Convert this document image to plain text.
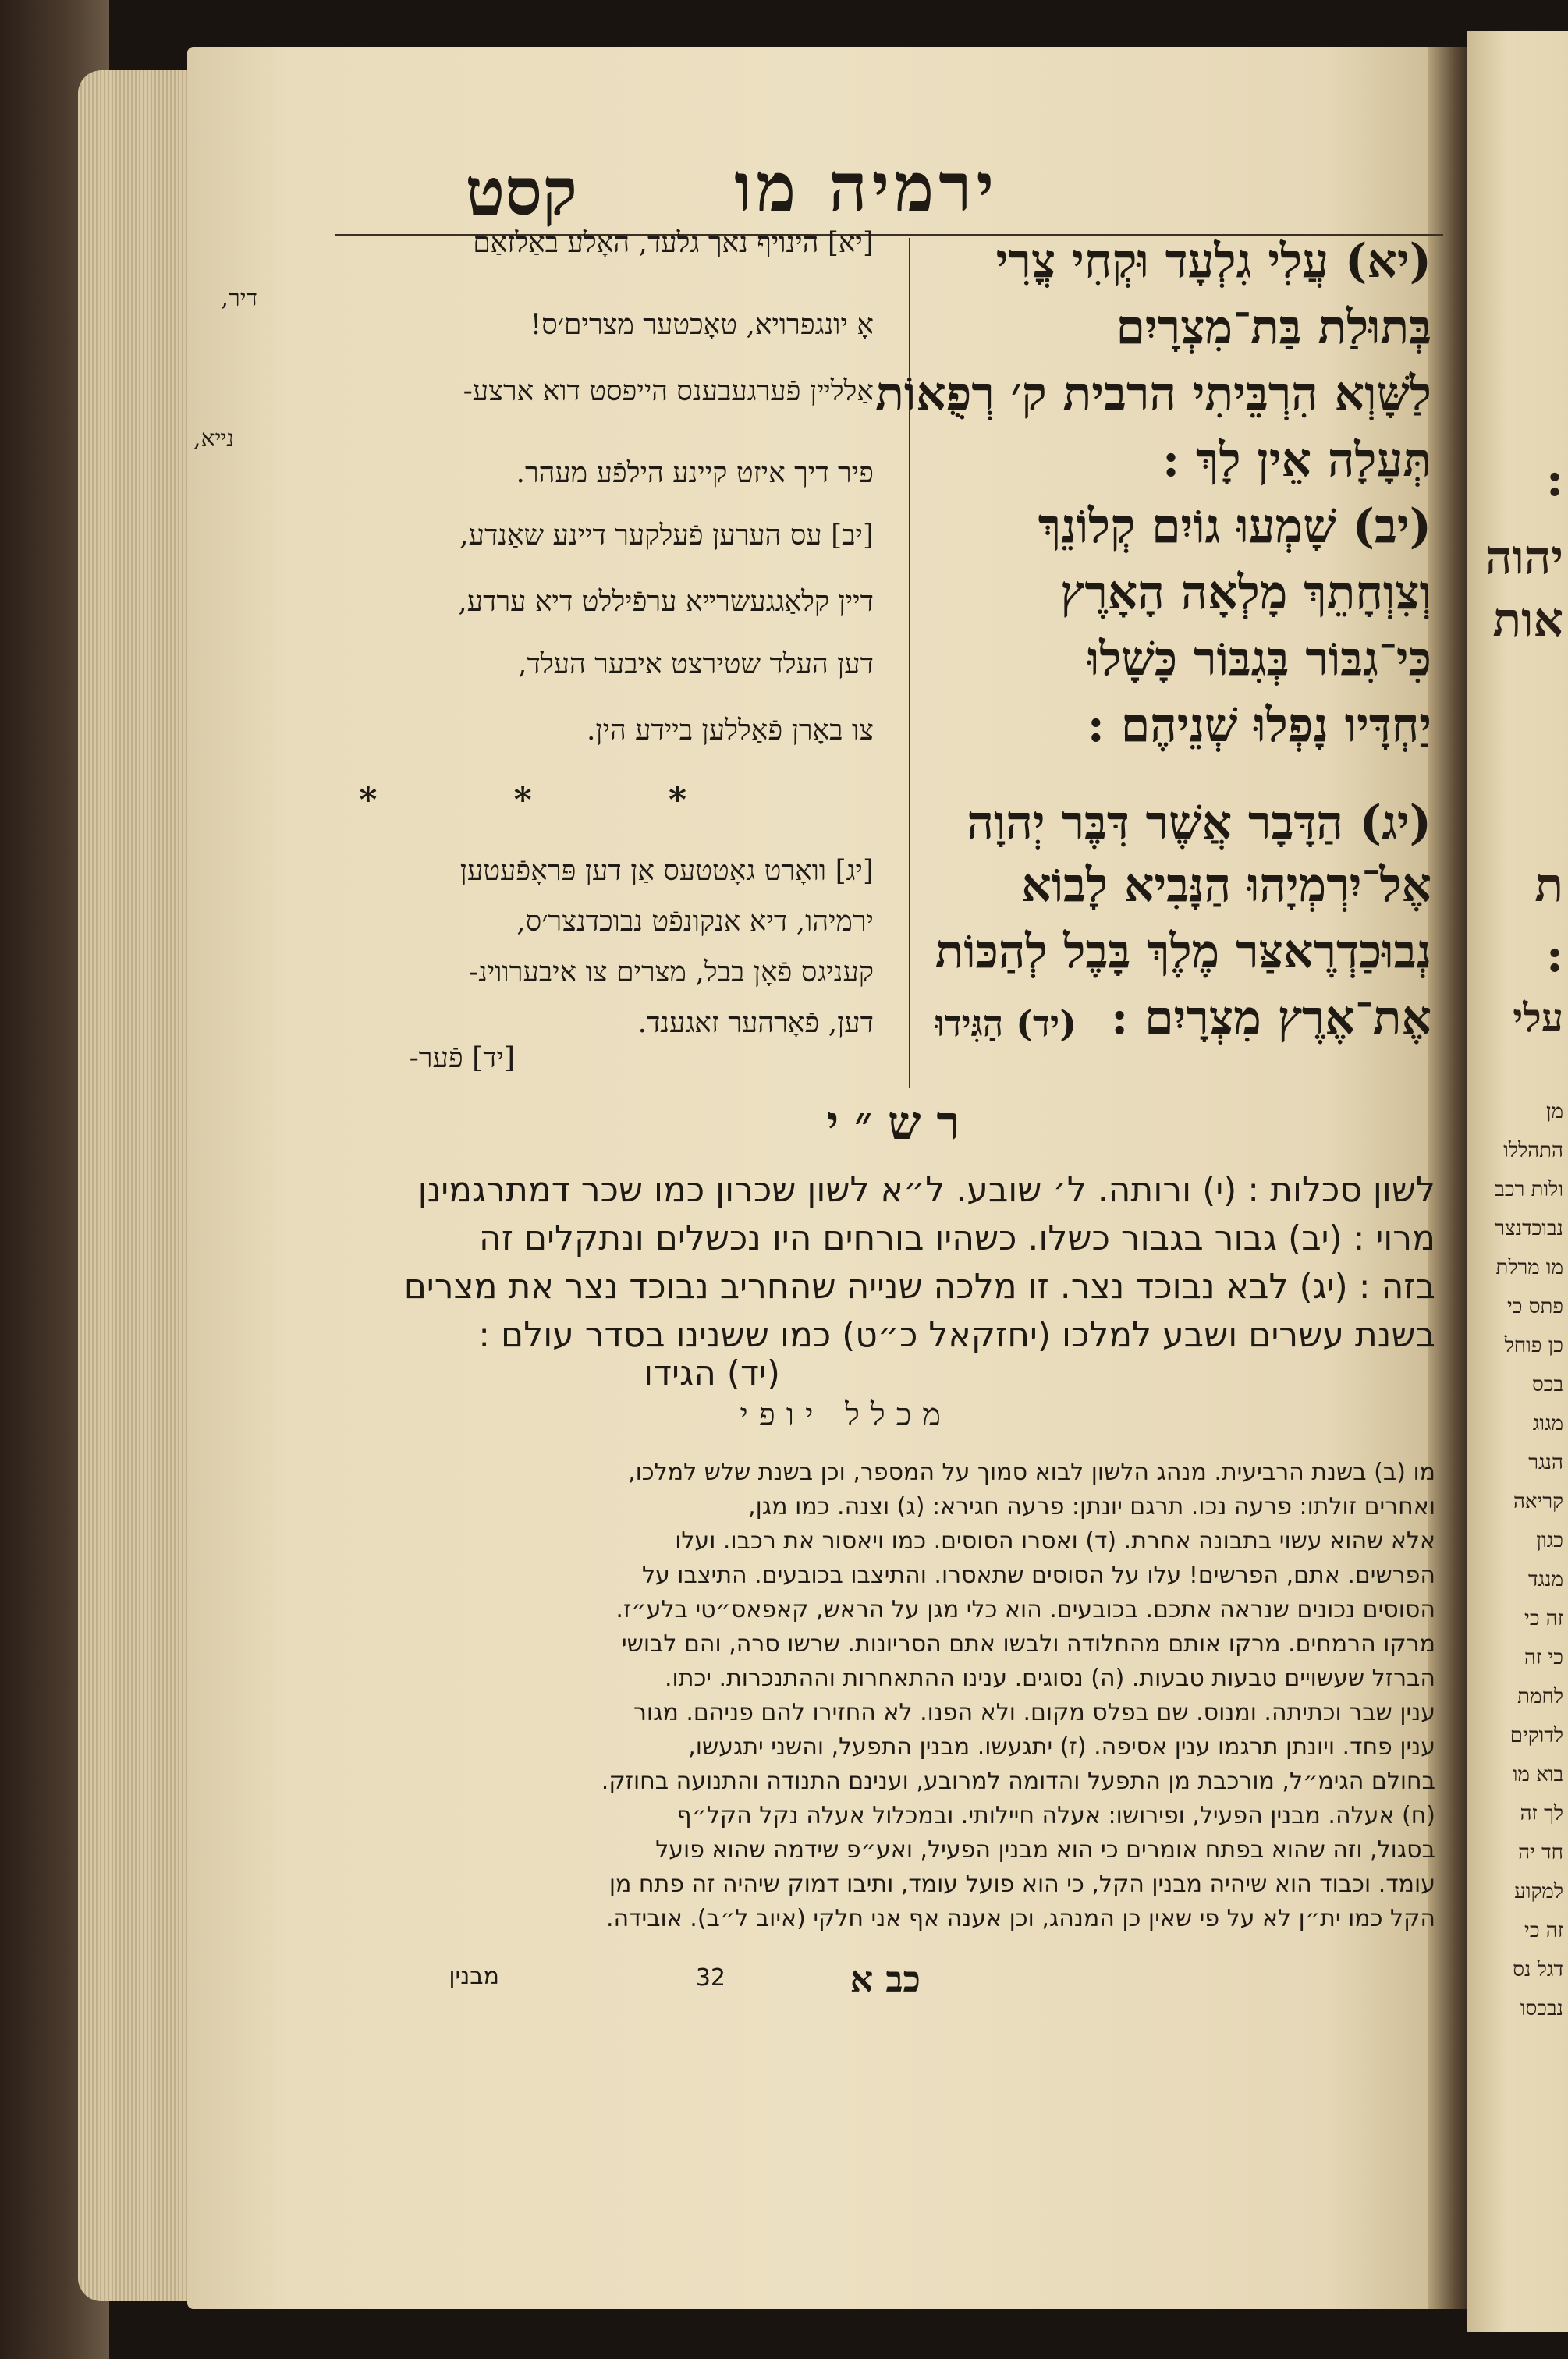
:
יהוה
אות
ת
:
עלי
מן
התהללו
ולות רכב
נבוכדנצר
מו מרלת
פתס כי
כן פוחל
בכס
מגוג
הנגר
קריאה
כגון
מנגד
זה כי
כי זה
לחמת
לדוקים
בוא מו
לך זה
חד יה
למקוע
זה כי
דגל נס
נבכסו
ירמיה מו
קסט
(יא) עֲלִי גִלְעָד וּקְחִי צֳרִי
בְּתוּלַת בַּת־מִצְרָיִם
לַשָּׁוְא הִרְבֵּיתִי הרבית ק׳ רְפֻאוֹת
תְּעָלָה אֵין לָךְ :
(יב) שָׁמְעוּ גוֹיִם קְלוֹנֵךְ
וְצִוְחָתֵךְ מָלְאָה הָאָרֶץ
כִּי־גִבּוֹר בְּגִבּוֹר כָּשָׁלוּ
יַחְדָּיו נָפְלוּ שְׁנֵיהֶם :
(יג) הַדָּבָר אֲשֶׁר דִּבֶּר יְהוָה
אֶל־יִרְמְיָהוּ הַנָּבִיא לָבוֹא
נְבוּכַדְרֶאצַּר מֶלֶךְ בָּבֶל לְהַכּוֹת
אֶת־אֶרֶץ מִצְרָיִם :
(יד) הַגִּידוּ
[יא] הינויף נאך גלעד, האָלע באַלזאַם
אָ יונגפרויא, טאָכטער מצרים׳ס!
דיר,
אַללײן פֿערגעבענס הייפסט דוא ארצע-
נײא,
פיר דיך איזט קיינע הילפֿע מעהר.
[יב] עס הערען פֿעלקער דיינע שאַנדע,
דיין קלאַגגעשרײא ערפֿיללט דיא ערדע,
דען העלד שטירצט איבער העלד,
צו באָרן פֿאַללען ביידע הין.
[יג] וואָרט גאָטטעס אַן דען פּראָפֿעטען
ירמיהו, דיא אנקונפֿט נבוכדנצר׳ס,
קעניגס פֿאָן בבל, מצרים צו איבערווינ-
דען, פֿאָרהער זאגענד.
[יד] פֿער-
* * *
רש״י
לשון סכלות : (י) ורותה. ל׳ שובע. ל״א לשון שכרון כמו שכר דמתרגמינן
מרוי : (יב) גבור בגבור כשלו. כשהיו בורחים היו נכשלים ונתקלים זה
בזה : (יג) לבא נבוכד נצר. זו מלכה שנייה שהחריב נבוכד נצר את מצרים
בשנת עשרים ושבע למלכו (יחזקאל כ״ט) כמו ששנינו בסדר עולם :
(יד) הגידו
מכלל יופי
מו (ב) בשנת הרביעית. מנהג הלשון לבוא סמוך על המספר, וכן בשנת שלש למלכו,
ואחרים זולתו: פרעה נכו. תרגם יונתן: פרעה חגירא: (ג) וצנה. כמו מגן,
אלא שהוא עשוי בתבונה אחרת. (ד) ואסרו הסוסים. כמו ויאסור את רכבו. ועלו
הפרשים. אתם, הפרשים! עלו על הסוסים שתאסרו. והתיצבו בכובעים. התיצבו על
הסוסים נכונים שנראה אתכם. בכובעים. הוא כלי מגן על הראש, קאפאס״טי בלע״ז.
מרקו הרמחים. מרקו אותם מהחלודה ולבשו אתם הסריונות. שרשו סרה, והם לבושי
הברזל שעשויים טבעות טבעות. (ה) נסוגים. ענינו ההתאחרות וההתנכרות. יכתו.
ענין שבר וכתיתה. ומנוס. שם בפלס מקום. ולא הפנו. לא החזירו להם פניהם. מגור
ענין פחד. ויונתן תרגמו ענין אסיפה. (ז) יתגעשו. מבנין התפעל, והשני יתגעשו,
בחולם הגימ״ל, מורכבת מן התפעל והדומה למרובע, וענינם התנודה והתנועה בחוזק.
(ח) אעלה. מבנין הפעיל, ופירושו: אעלה חיילותי. ובמכלול אעלה נקל הקל״ף
בסגול, וזה שהוא בפתח אומרים כי הוא מבנין הפעיל, ואע״פ שידמה שהוא פועל
עומד. וכבוד הוא שיהיה מבנין הקל, כי הוא פועל עומד, ותיבו דמוק שיהיה זה פתח מן
הקל כמו ית״ן לא על פי שאין כן המנהג, וכן אענה אף אני חלקי (איוב ל״ב). אובידה.
כב א
32
מבנין
